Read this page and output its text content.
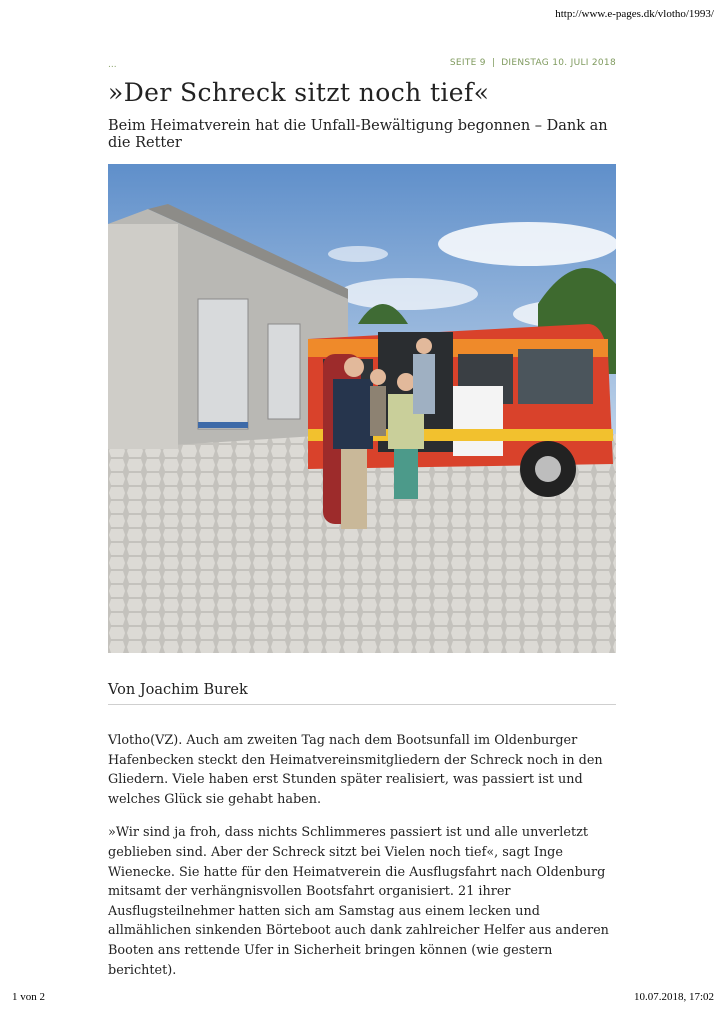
http://www.e-pages.dk/vlotho/1993/
...	SEITE 9 | DIENSTAG 10. JULI 2018
»Der Schreck sitzt noch tief«

Beim Heimatverein hat die Unfall-Bewältigung begonnen – Dank an die Retter

Von Joachim Burek

Vlotho(VZ). Auch am zweiten Tag nach dem Bootsunfall im Oldenburger Hafenbecken steckt den Heimatvereinsmitgliedern der Schreck noch in den Gliedern. Viele haben erst Stunden später realisiert, was passiert ist und welches Glück sie gehabt haben.

»Wir sind ja froh, dass nichts Schlimmeres passiert ist und alle unverletzt geblieben sind. Aber der Schreck sitzt bei Vielen noch tief«, sagt Inge Wienecke. Sie hatte für den Heimatverein die Ausflugsfahrt nach Oldenburg mitsamt der verhängnisvollen Bootsfahrt organisiert. 21 ihrer Ausflugsteilnehmer hatten sich am Samstag aus einem lecken und allmählichen sinkenden Börteboot auch dank zahlreicher Helfer aus anderen Booten ans rettende Ufer in Sicherheit bringen können (wie gestern berichtet).

1 von 2	10.07.2018, 17:02
